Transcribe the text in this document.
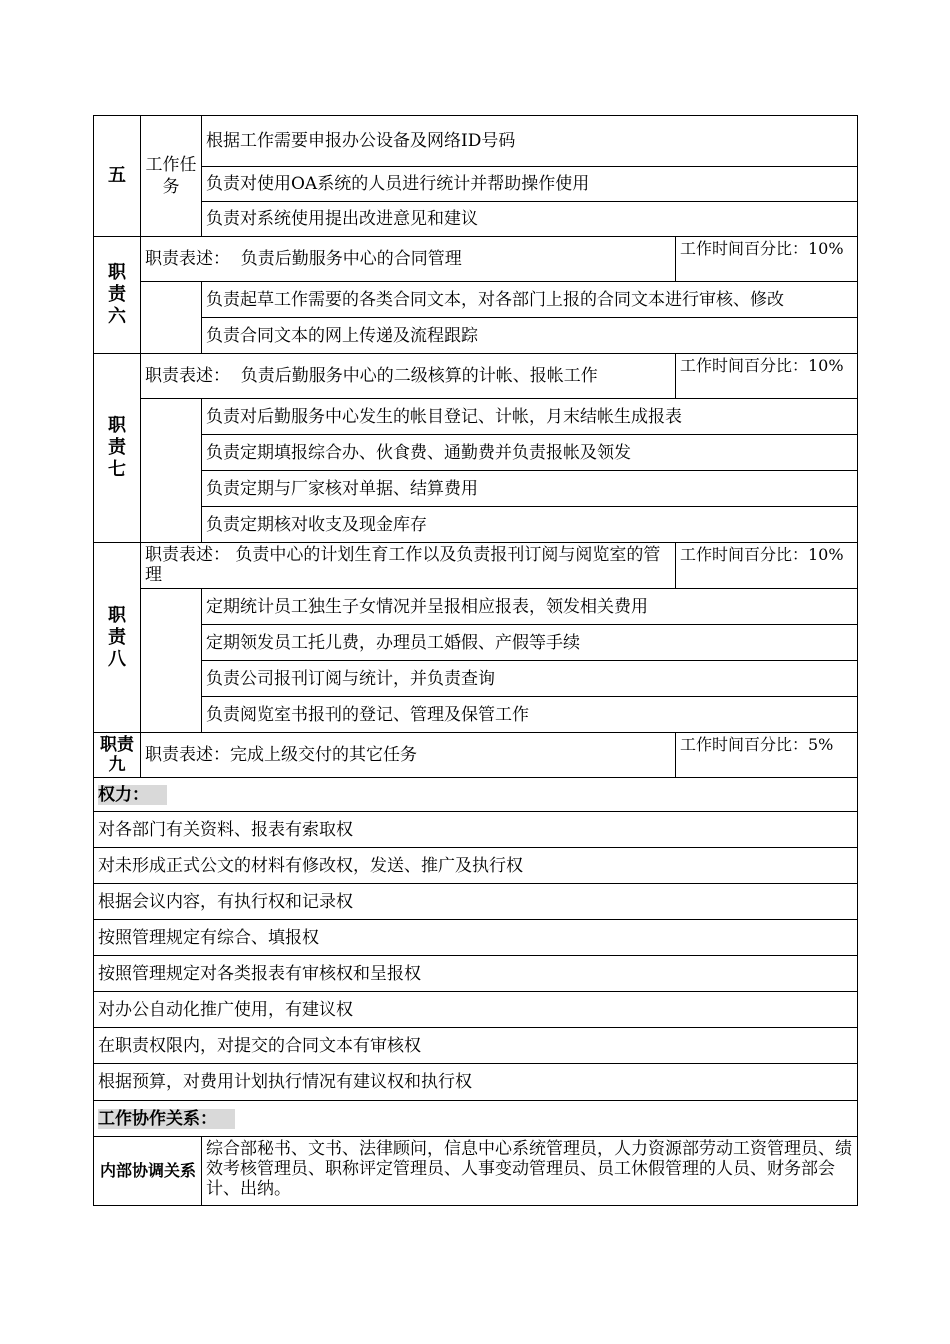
五	工作任务	根据工作需要申报办公设备及网络ID号码	
		负责对使用OA系统的人员进行统计并帮助操作使用	
		负责对系统使用提出改进意见和建议	

职责六	职责表述：  负责后勤服务中心的合同管理		工作时间百分比：10%
		负责起草工作需要的各类合同文本，对各部门上报的合同文本进行审核、修改	
		负责合同文本的网上传递及流程跟踪	

职责七	职责表述：  负责后勤服务中心的二级核算的计帐、报帐工作		工作时间百分比：10%
		负责对后勤服务中心发生的帐目登记、计帐，月末结帐生成报表	
		负责定期填报综合办、伙食费、通勤费并负责报帐及领发	
		负责定期与厂家核对单据、结算费用	
		负责定期核对收支及现金库存	

职责八	职责表述： 负责中心的计划生育工作以及负责报刊订阅与阅览室的管理		工作时间百分比：10%
		定期统计员工独生子女情况并呈报相应报表，领发相关费用	
		定期领发员工托儿费，办理员工婚假、产假等手续	
		负责公司报刊订阅与统计，并负责查询	
		负责阅览室书报刊的登记、管理及保管工作	

职责九	职责表述：完成上级交付的其它任务		工作时间百分比：5%
权力：			
对各部门有关资料、报表有索取权			
对未形成正式公文的材料有修改权，发送、推广及执行权			
根据会议内容，有执行权和记录权			
按照管理规定有综合、填报权			
按照管理规定对各类报表有审核权和呈报权			
对办公自动化推广使用，有建议权			
在职责权限内，对提交的合同文本有审核权			
根据预算，对费用计划执行情况有建议权和执行权			
工作协作关系：			

内部协调关系		综合部秘书、文书、法律顾问，信息中心系统管理员，人力资源部劳动工资管理员、绩效考核管理员、职称评定管理员、人事变动管理员、员工休假管理的人员、财务部会计、出纳。	
